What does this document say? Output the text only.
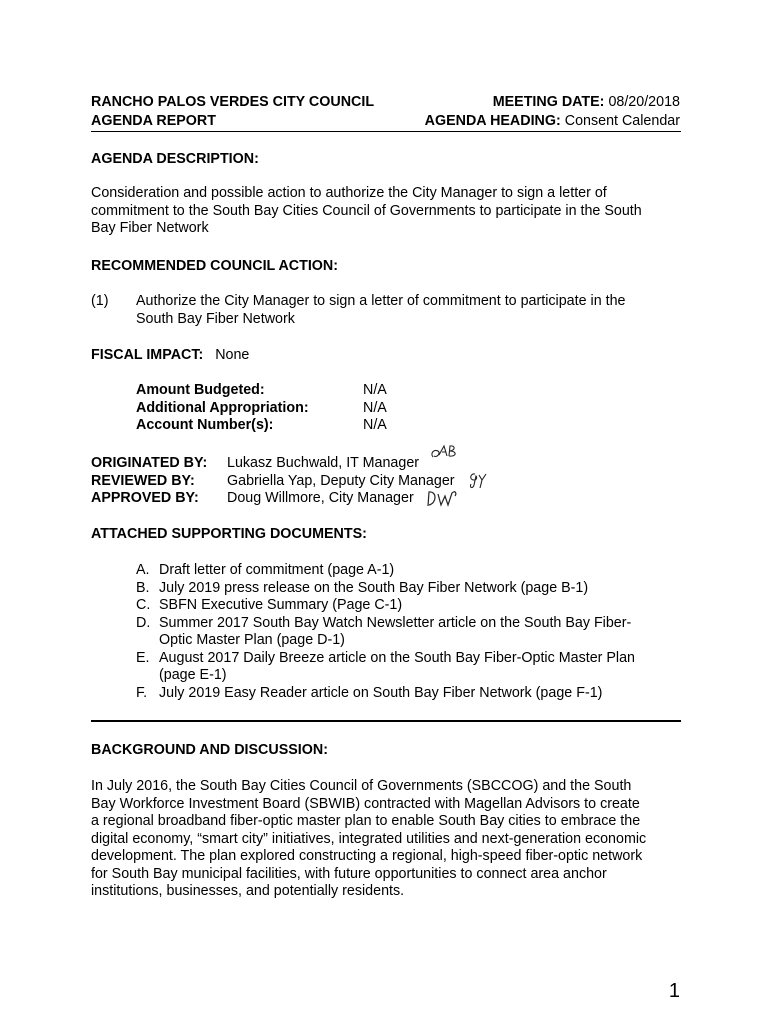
RANCHO PALOS VERDES CITY COUNCIL
AGENDA REPORT
MEETING DATE: 08/20/2018
AGENDA HEADING: Consent Calendar
AGENDA DESCRIPTION:
Consideration and possible action to authorize the City Manager to sign a letter of
commitment to the South Bay Cities Council of Governments to participate in the South
Bay Fiber Network
RECOMMENDED COUNCIL ACTION:
(1) Authorize the City Manager to sign a letter of commitment to participate in the
South Bay Fiber Network
FISCAL IMPACT: None
Amount Budgeted:	N/A
Additional Appropriation:	N/A
Account Number(s):	N/A
ORIGINATED BY: Lukasz Buchwald, IT Manager
REVIEWED BY: Gabriella Yap, Deputy City Manager
APPROVED BY: Doug Willmore, City Manager
ATTACHED SUPPORTING DOCUMENTS:
A. Draft letter of commitment (page A-1)
B. July 2019 press release on the South Bay Fiber Network (page B-1)
C. SBFN Executive Summary (Page C-1)
D. Summer 2017 South Bay Watch Newsletter article on the South Bay Fiber-
Optic Master Plan (page D-1)
E. August 2017 Daily Breeze article on the South Bay Fiber-Optic Master Plan
(page E-1)
F. July 2019 Easy Reader article on South Bay Fiber Network (page F-1)
BACKGROUND AND DISCUSSION:
In July 2016, the South Bay Cities Council of Governments (SBCCOG) and the South
Bay Workforce Investment Board (SBWIB) contracted with Magellan Advisors to create
a regional broadband fiber-optic master plan to enable South Bay cities to embrace the
digital economy, “smart city” initiatives, integrated utilities and next-generation economic
development. The plan explored constructing a regional, high-speed fiber-optic network
for South Bay municipal facilities, with future opportunities to connect area anchor
institutions, businesses, and potentially residents.
1
